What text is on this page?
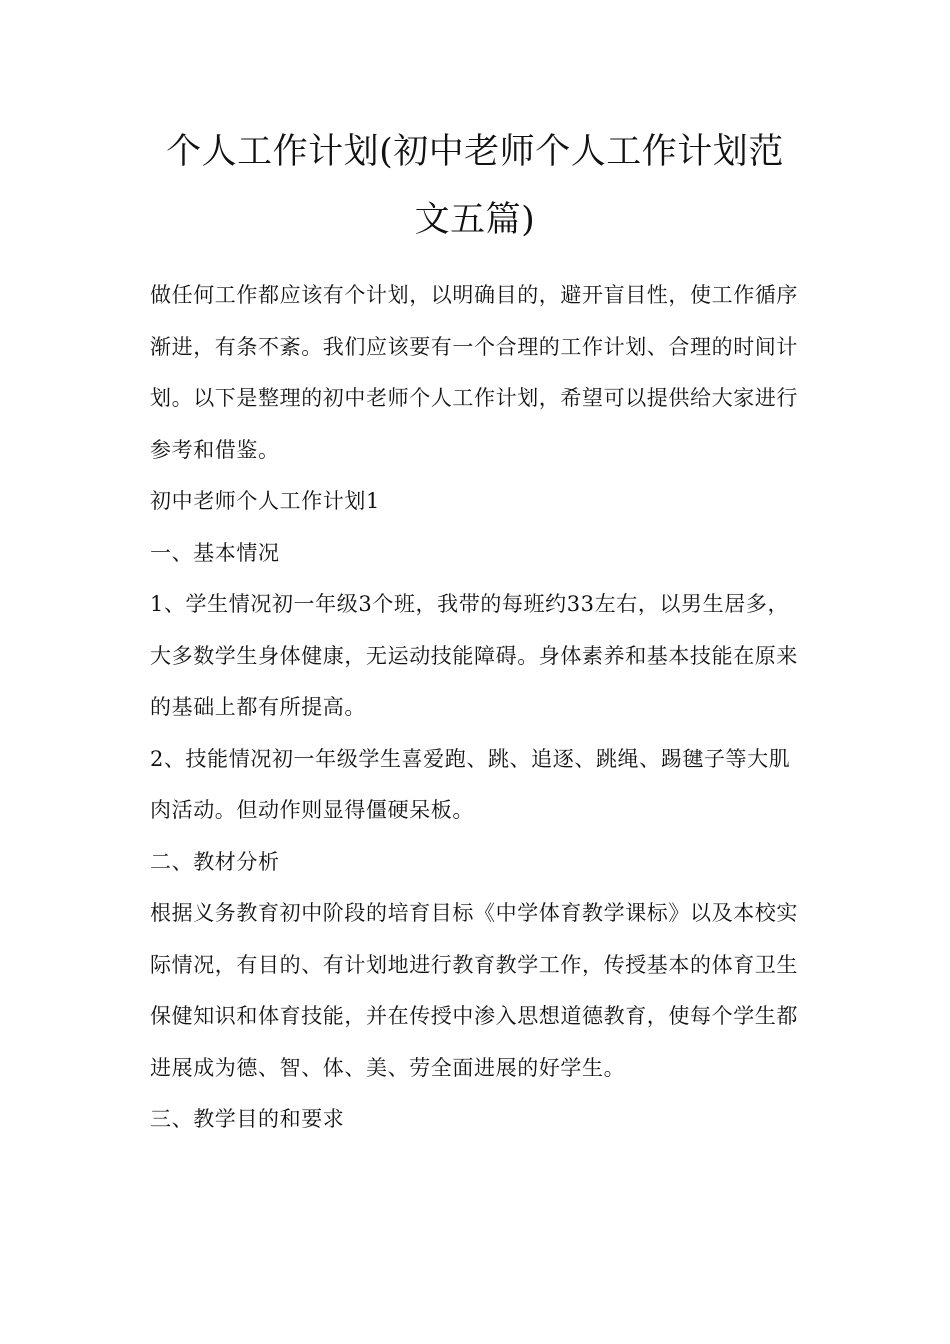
个人工作计划(初中老师个人工作计划范文五篇)

做任何工作都应该有个计划，以明确目的，避开盲目性，使工作循序渐进，有条不紊。我们应该要有一个合理的工作计划、合理的时间计划。以下是整理的初中老师个人工作计划，希望可以提供给大家进行参考和借鉴。

初中老师个人工作计划1

一、基本情况

1、学生情况初一年级3个班，我带的每班约33左右，以男生居多，大多数学生身体健康，无运动技能障碍。身体素养和基本技能在原来的基础上都有所提高。

2、技能情况初一年级学生喜爱跑、跳、追逐、跳绳、踢毽子等大肌肉活动。但动作则显得僵硬呆板。

二、教材分析

根据义务教育初中阶段的培育目标《中学体育教学课标》以及本校实际情况，有目的、有计划地进行教育教学工作，传授基本的体育卫生保健知识和体育技能，并在传授中渗入思想道德教育，使每个学生都进展成为德、智、体、美、劳全面进展的好学生。

三、教学目的和要求
